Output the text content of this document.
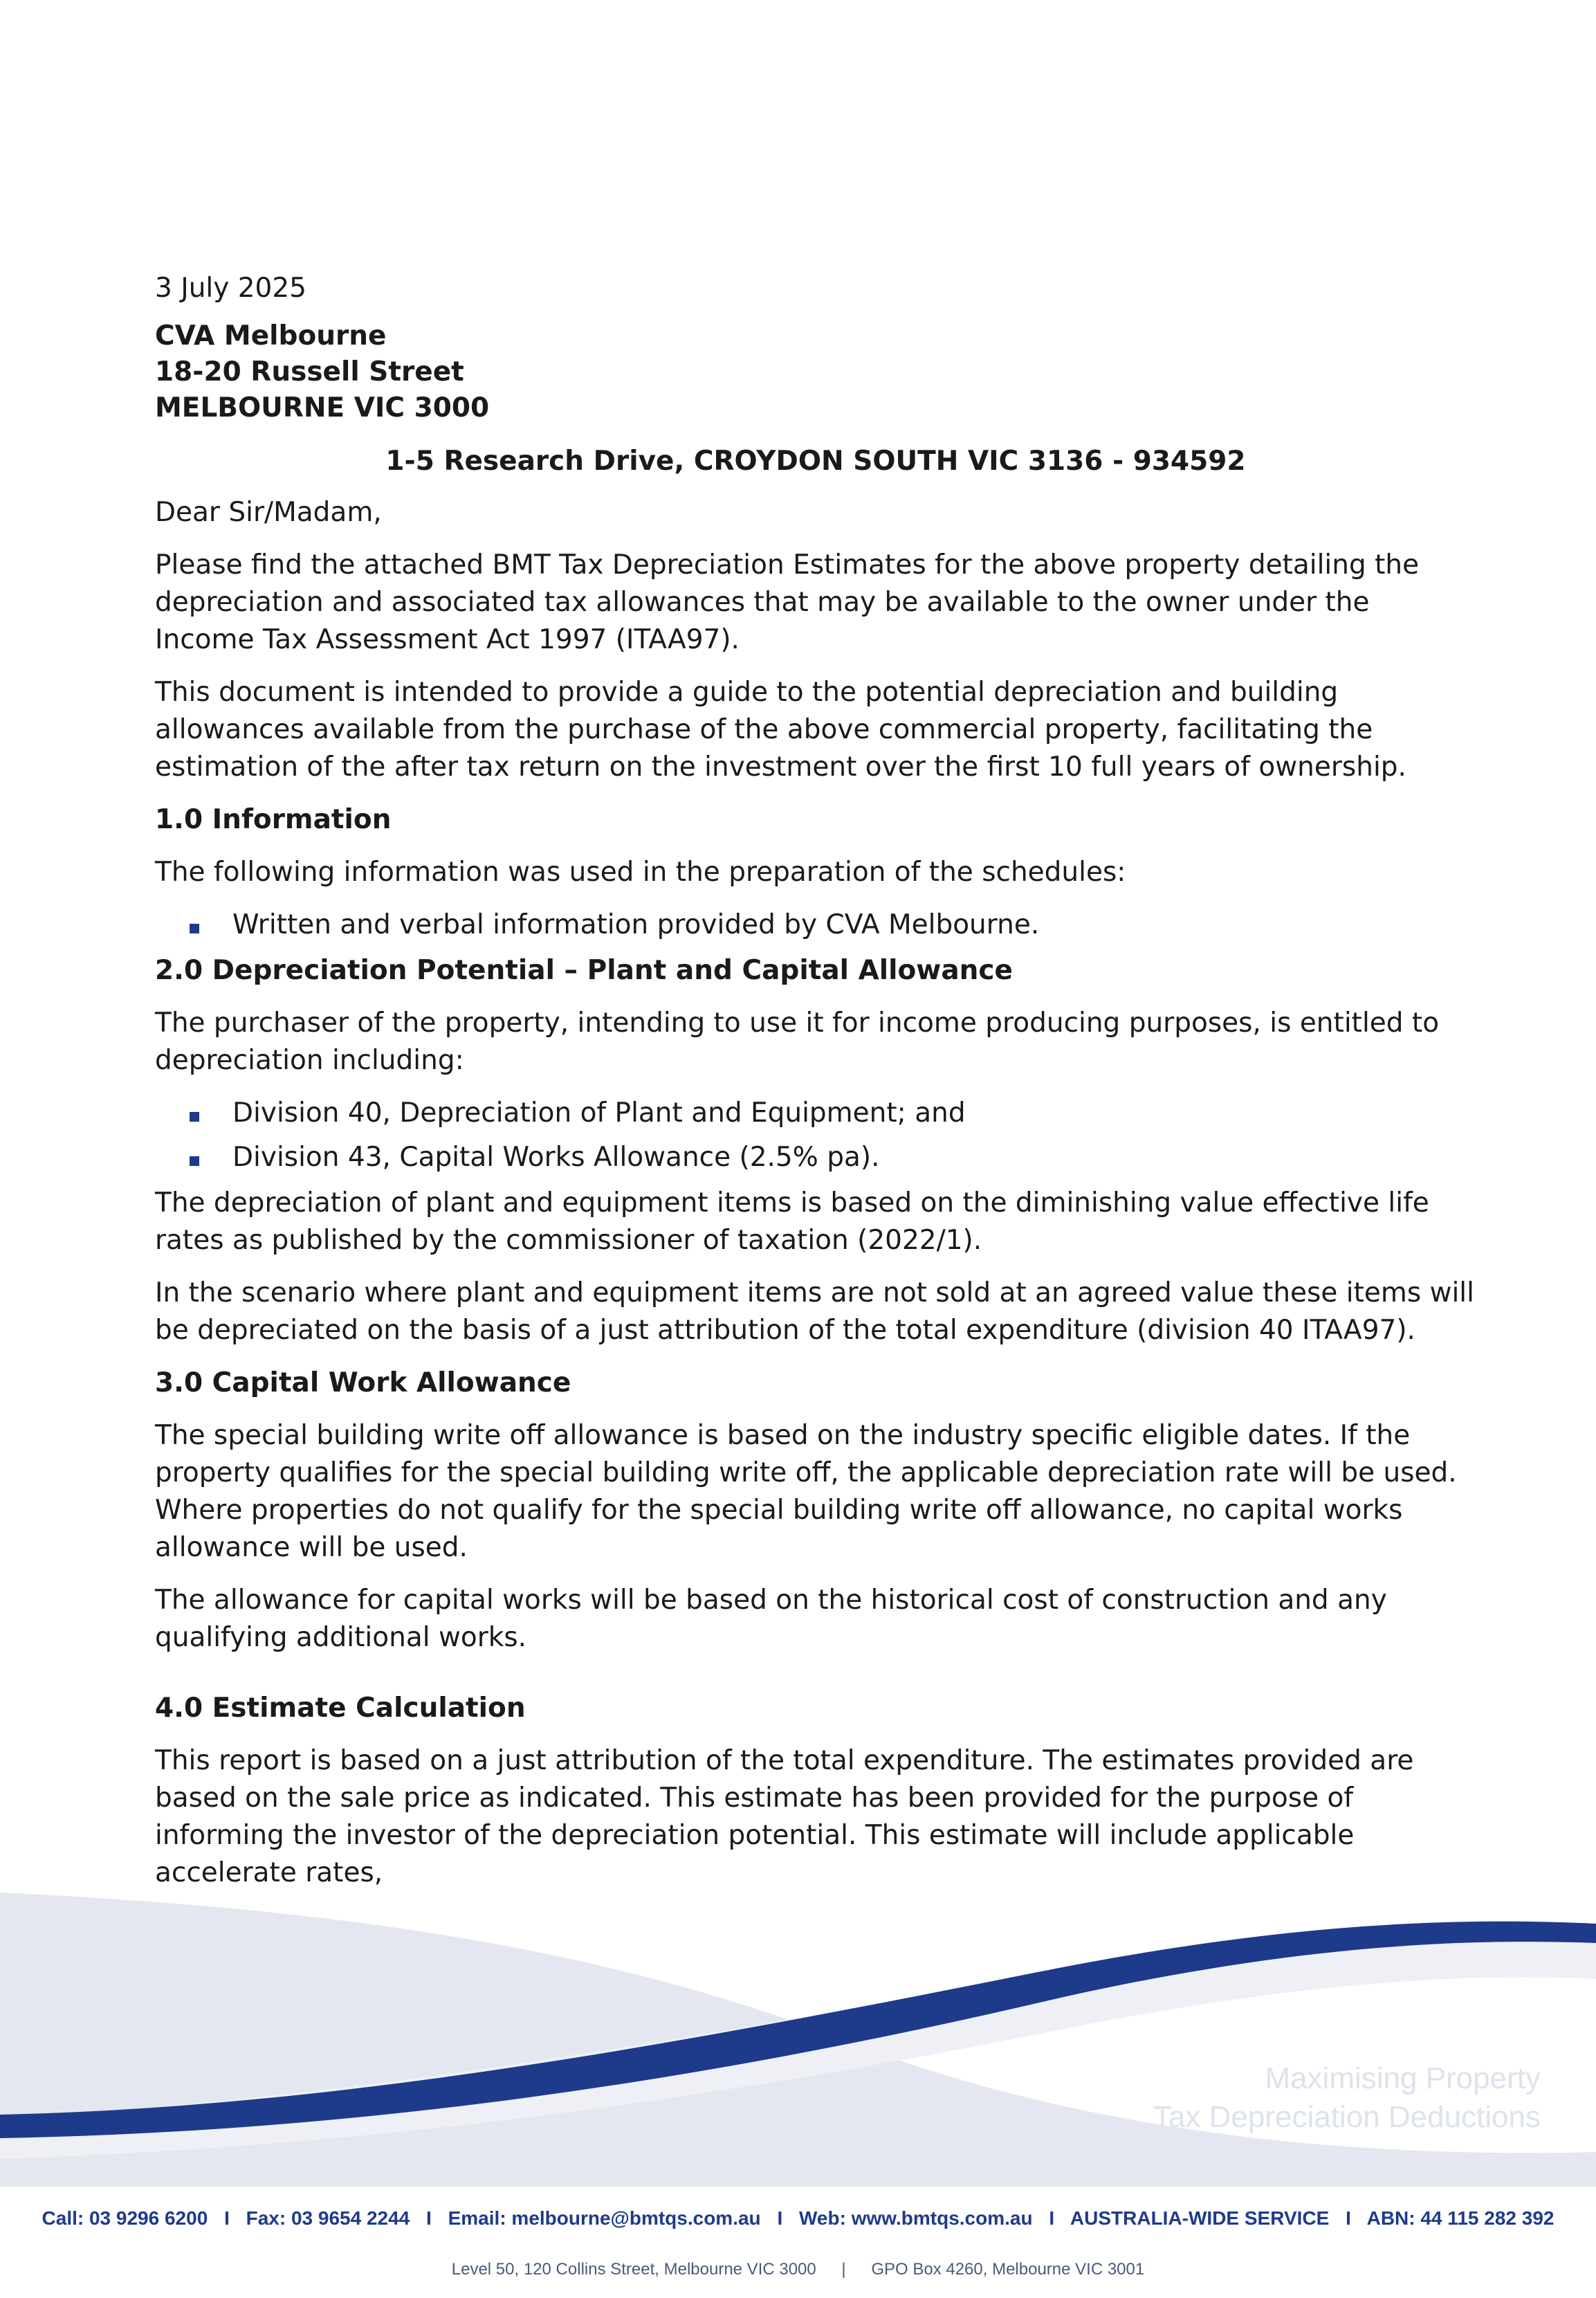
3 July 2025
CVA Melbourne
18-20 Russell Street
MELBOURNE VIC 3000
1-5 Research Drive, CROYDON SOUTH VIC 3136 - 934592

Dear Sir/Madam,

Please find the attached BMT Tax Depreciation Estimates for the above property detailing the depreciation and associated tax allowances that may be available to the owner under the Income Tax Assessment Act 1997 (ITAA97).

This document is intended to provide a guide to the potential depreciation and building allowances available from the purchase of the above commercial property, facilitating the estimation of the after tax return on the investment over the first 10 full years of ownership.

1.0 Information

The following information was used in the preparation of the schedules:

Written and verbal information provided by CVA Melbourne.
2.0 Depreciation Potential – Plant and Capital Allowance

The purchaser of the property, intending to use it for income producing purposes, is entitled to depreciation including:

Division 40, Depreciation of Plant and Equipment; and
Division 43, Capital Works Allowance (2.5% pa).

The depreciation of plant and equipment items is based on the diminishing value effective life rates as published by the commissioner of taxation (2022/1).

In the scenario where plant and equipment items are not sold at an agreed value these items will be depreciated on the basis of a just attribution of the total expenditure (division 40 ITAA97).

3.0 Capital Work Allowance

The special building write off allowance is based on the industry specific eligible dates. If the property qualifies for the special building write off, the applicable depreciation rate will be used. Where properties do not qualify for the special building write off allowance, no capital works allowance will be used.

The allowance for capital works will be based on the historical cost of construction and any qualifying additional works.

4.0 Estimate Calculation

This report is based on a just attribution of the total expenditure. The estimates provided are based on the sale price as indicated. This estimate has been provided for the purpose of informing the investor of the depreciation potential. This estimate will include applicable accelerate rates,

Maximising Property
Tax Depreciation Deductions
Call: 03 9296 6200 I Fax: 03 9654 2244 I Email: melbourne@bmtqs.com.au I Web: www.bmtqs.com.au I AUSTRALIA-WIDE SERVICE I ABN: 44 115 282 392
Level 50, 120 Collins Street, Melbourne VIC 3000 | GPO Box 4260, Melbourne VIC 3001
